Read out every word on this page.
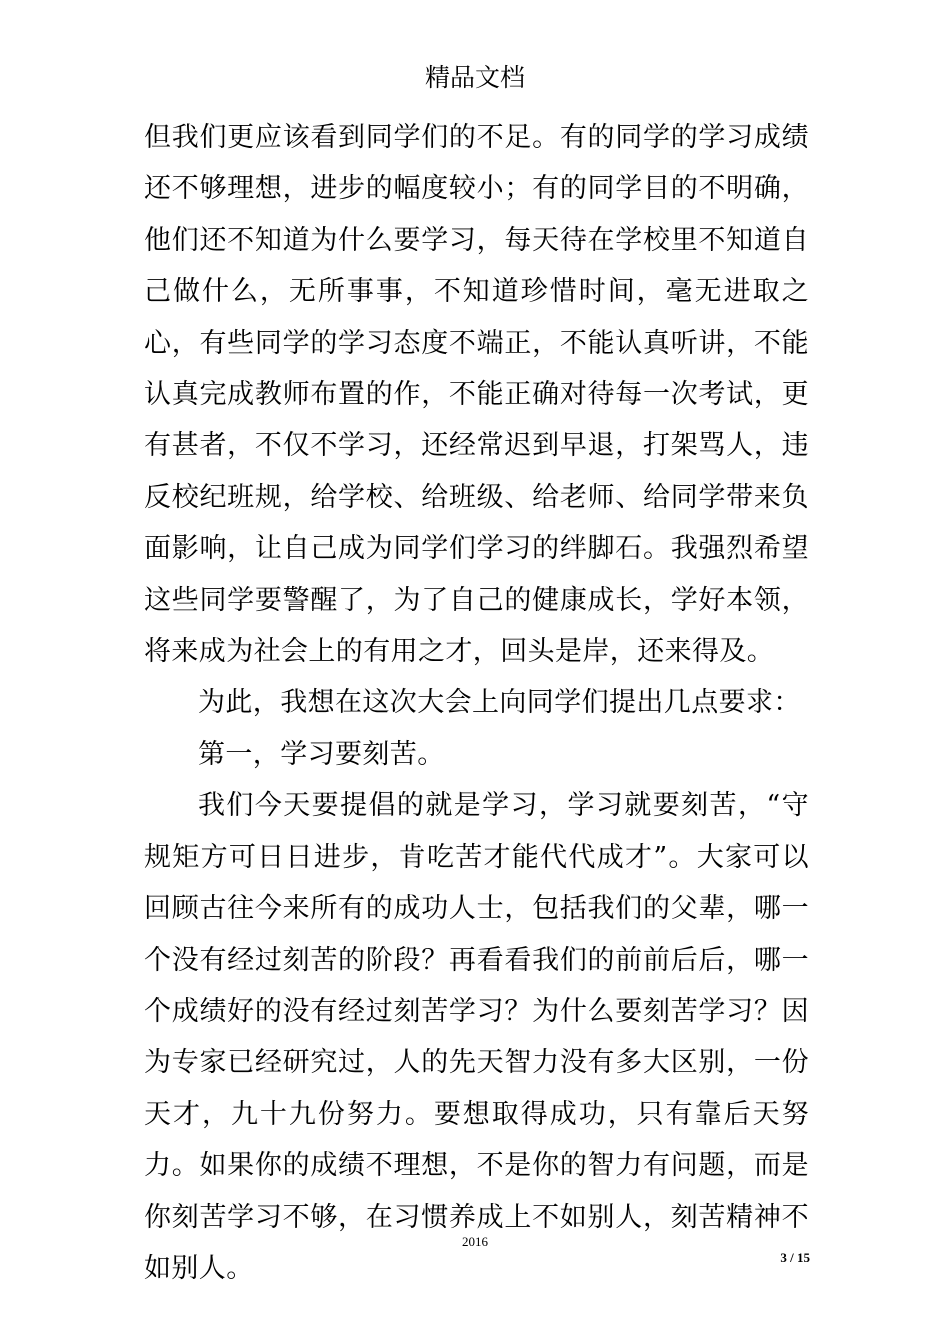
精品文档

但我们更应该看到同学们的不足。有的同学的学习成绩还不够理想，进步的幅度较小；有的同学目的不明确，他们还不知道为什么要学习，每天待在学校里不知道自己做什么，无所事事，不知道珍惜时间，毫无进取之心，有些同学的学习态度不端正，不能认真听讲，不能认真完成教师布置的作，不能正确对待每一次考试，更有甚者，不仅不学习，还经常迟到早退，打架骂人，违反校纪班规，给学校、给班级、给老师、给同学带来负面影响，让自己成为同学们学习的绊脚石。我强烈希望这些同学要警醒了，为了自己的健康成长，学好本领，将来成为社会上的有用之才，回头是岸，还来得及。

为此，我想在这次大会上向同学们提出几点要求：

第一，学习要刻苦。

我们今天要提倡的就是学习，学习就要刻苦，“守规矩方可日日进步，肯吃苦才能代代成才”。大家可以回顾古往今来所有的成功人士，包括我们的父辈，哪一个没有经过刻苦的阶段？再看看我们的前前后后，哪一个成绩好的没有经过刻苦学习？为什么要刻苦学习？因为专家已经研究过，人的先天智力没有多大区别，一份天才，九十九份努力。要想取得成功，只有靠后天努力。如果你的成绩不理想，不是你的智力有问题，而是你刻苦学习不够，在习惯养成上不如别人，刻苦精神不如别人。

2016
3 / 15
